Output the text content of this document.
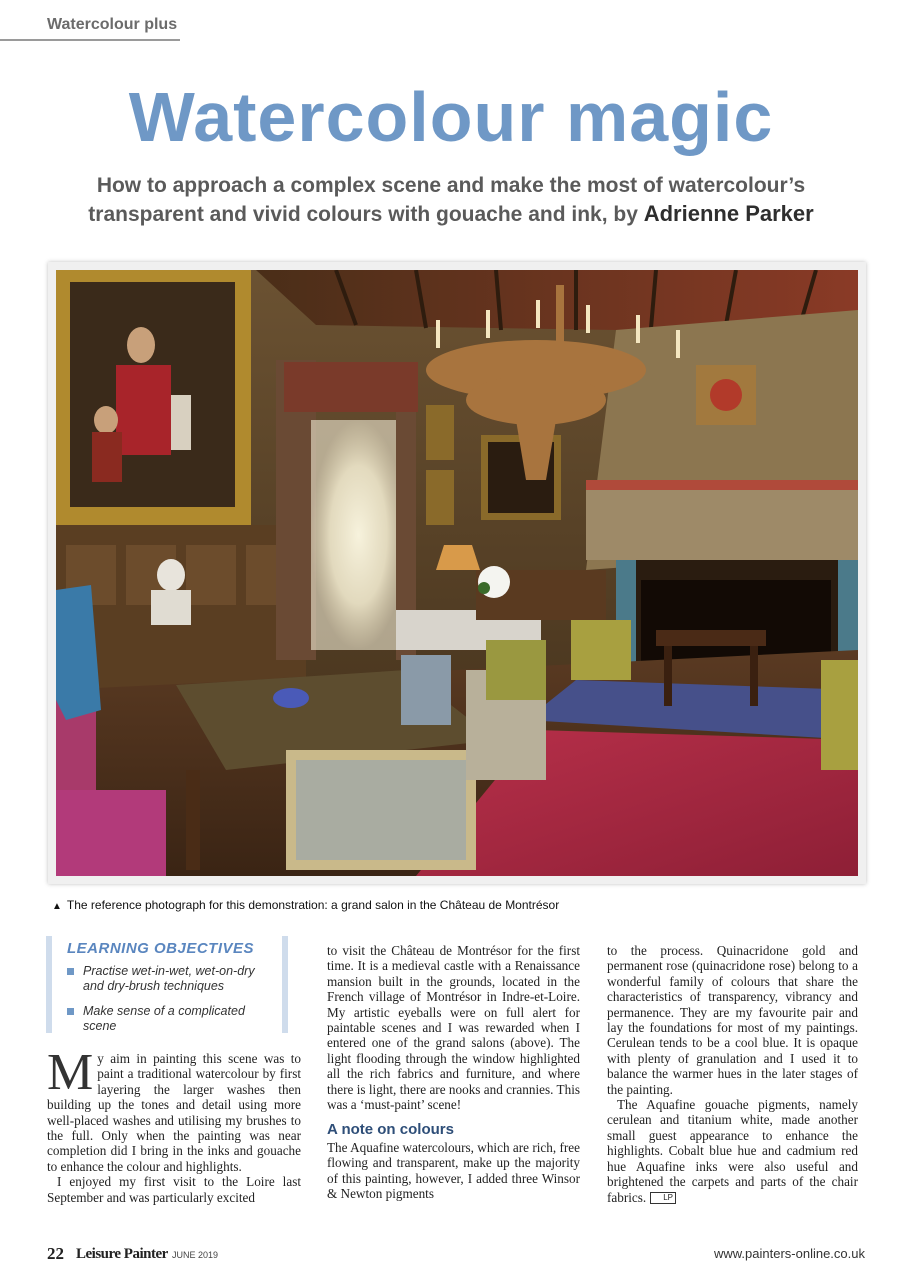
Watercolour plus
Watercolour magic
How to approach a complex scene and make the most of watercolour’s
transparent and vivid colours with gouache and ink, by Adrienne Parker
▲ The reference photograph for this demonstration: a grand salon in the Château de Montrésor
LEARNING OBJECTIVES
Practise wet-in-wet, wet-on-dry and dry-brush techniques
Make sense of a complicated scene

My aim in painting this scene was to paint a traditional watercolour by first layering the larger washes then building up the tones and detail using more well-placed washes and utilising my brushes to the full. Only when the painting was near completion did I bring in the inks and gouache to enhance the colour and highlights.

I enjoyed my first visit to the Loire last September and was particularly excited

to visit the Château de Montrésor for the first time. It is a medieval castle with a Renaissance mansion built in the grounds, located in the French village of Montrésor in Indre-et-Loire. My artistic eyeballs were on full alert for paintable scenes and I was rewarded when I entered one of the grand salons (above). The light flooding through the window highlighted all the rich fabrics and furniture, and where there is light, there are nooks and crannies. This was a ‘must-paint’ scene!

A note on colours

The Aquafine watercolours, which are rich, free flowing and transparent, make up the majority of this painting, however, I added three Winsor & Newton pigments

to the process. Quinacridone gold and permanent rose (quinacridone rose) belong to a wonderful family of colours that share the characteristics of transparency, vibrancy and permanence. They are my favourite pair and lay the foundations for most of my paintings. Cerulean tends to be a cool blue. It is opaque with plenty of granulation and I used it to balance the warmer hues in the later stages of the painting.

The Aquafine gouache pigments, namely cerulean and titanium white, made another small guest appearance to enhance the highlights. Cobalt blue hue and cadmium red hue Aquafine inks were also useful and brightened the carpets and parts of the chair fabrics. LP

22 Leisure Painter JUNE 2019	www.painters-online.co.uk
